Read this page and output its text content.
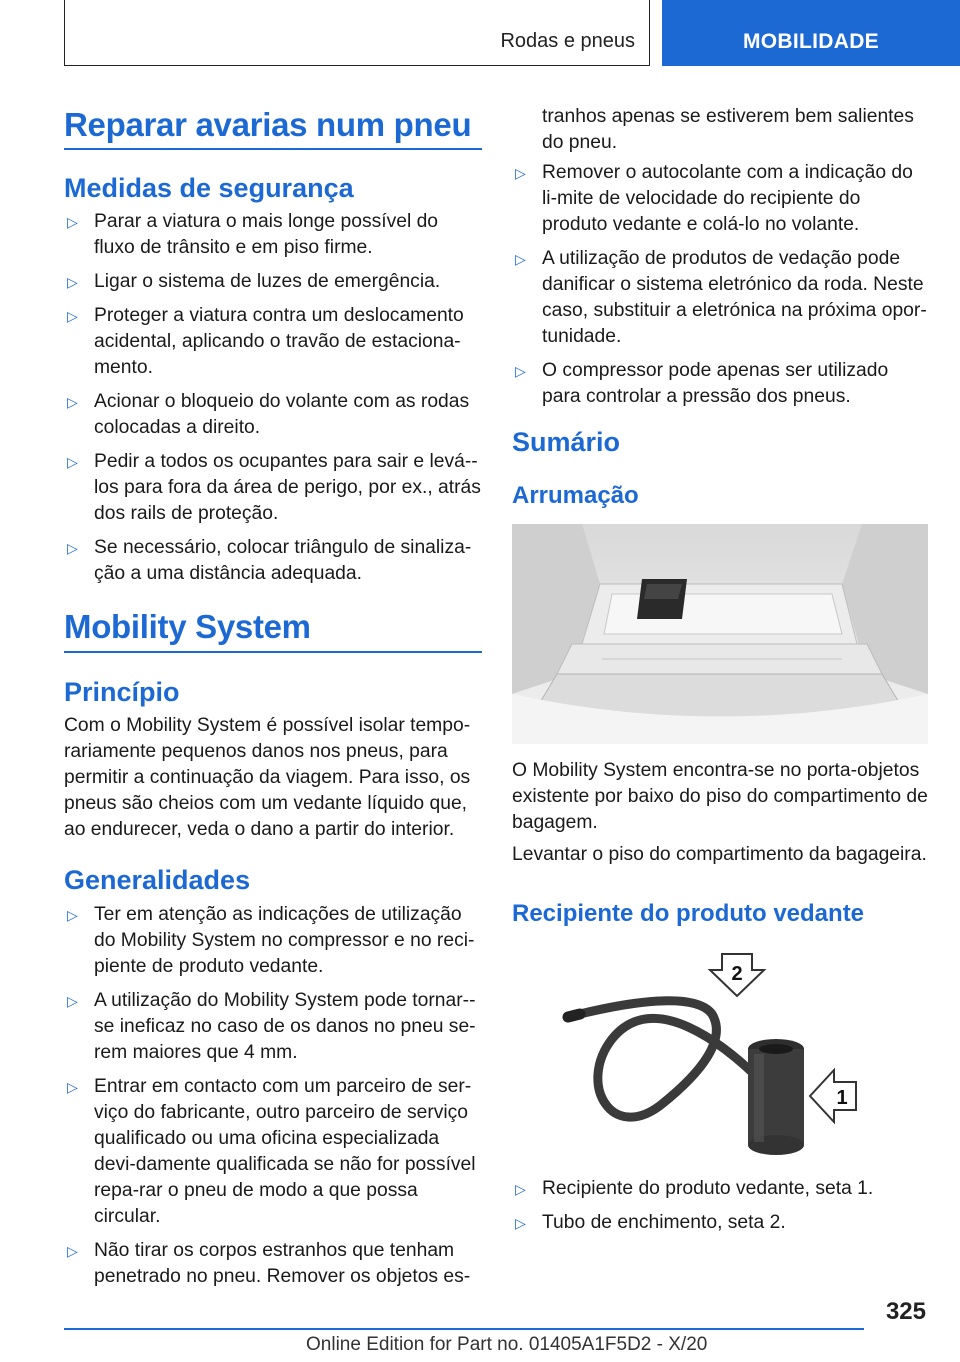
Rodas e pneus	MOBILIDADE
Reparar avarias num pneu
Medidas de segurança
▷ Parar a viatura o mais longe possível do fluxo de trânsito e em piso firme.
▷ Ligar o sistema de luzes de emergência.
▷ Proteger a viatura contra um deslocamento acidental, aplicando o travão de estaciona-mento.
▷ Acionar o bloqueio do volante com as rodas colocadas a direito.
▷ Pedir a todos os ocupantes para sair e levá--los para fora da área de perigo, por ex., atrás dos rails de proteção.
▷ Se necessário, colocar triângulo de sinaliza-ção a uma distância adequada.
Mobility System
Princípio
Com o Mobility System é possível isolar tempo-rariamente pequenos danos nos pneus, para permitir a continuação da viagem. Para isso, os pneus são cheios com um vedante líquido que, ao endurecer, veda o dano a partir do interior.
Generalidades
▷ Ter em atenção as indicações de utilização do Mobility System no compressor e no reci-piente de produto vedante.
▷ A utilização do Mobility System pode tornar--se ineficaz no caso de os danos no pneu se-rem maiores que 4 mm.
▷ Entrar em contacto com um parceiro de ser-viço do fabricante, outro parceiro de serviço qualificado ou uma oficina especializada devi-damente qualificada se não for possível repa-rar o pneu de modo a que possa circular.
▷ Não tirar os corpos estranhos que tenham penetrado no pneu. Remover os objetos es-
tranhos apenas se estiverem bem salientes do pneu.
▷ Remover o autocolante com a indicação do li-mite de velocidade do recipiente do produto vedante e colá-lo no volante.
▷ A utilização de produtos de vedação pode danificar o sistema eletrónico da roda. Neste caso, substituir a eletrónica na próxima opor-tunidade.
▷ O compressor pode apenas ser utilizado para controlar a pressão dos pneus.
Sumário
Arrumação
O Mobility System encontra-se no porta-objetos existente por baixo do piso do compartimento de bagagem.
Levantar o piso do compartimento da bagageira.
Recipiente do produto vedante
2
1
▷ Recipiente do produto vedante, seta 1.
▷ Tubo de enchimento, seta 2.
325
Online Edition for Part no. 01405A1F5D2 - X/20
